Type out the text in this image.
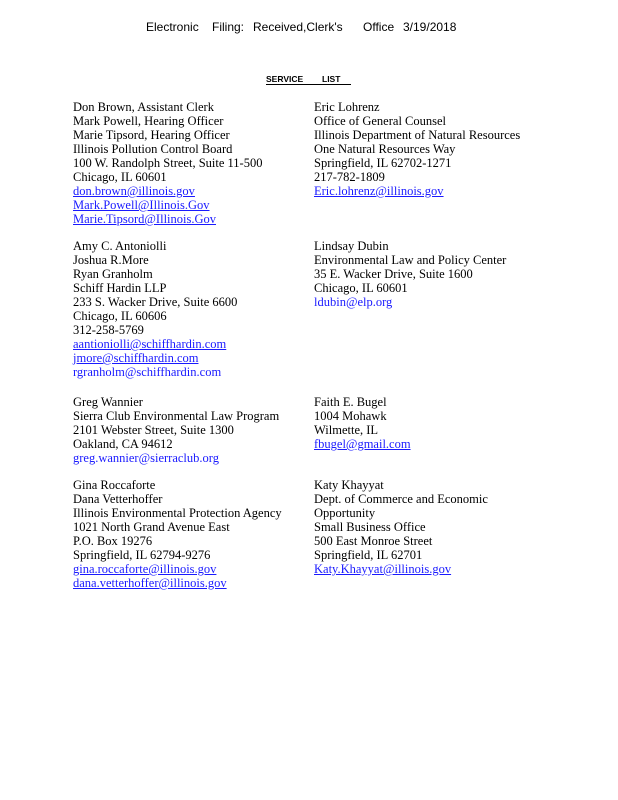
Electronic Filing: Received,Clerk's Office 3/19/2018
SERVICE LIST
Don Brown, Assistant Clerk
Mark Powell, Hearing Officer
Marie Tipsord, Hearing Officer
Illinois Pollution Control Board
100 W. Randolph Street, Suite 11-500
Chicago, IL 60601
don.brown@illinois.gov
Mark.Powell@Illinois.Gov
Marie.Tipsord@Illinois.Gov
Eric Lohrenz
Office of General Counsel
Illinois Department of Natural Resources
One Natural Resources Way
Springfield, IL 62702-1271
217-782-1809
Eric.lohrenz@illinois.gov
Amy C. Antoniolli
Joshua R.More
Ryan Granholm
Schiff Hardin LLP
233 S. Wacker Drive, Suite 6600
Chicago, IL 60606
312-258-5769
aantioniolli@schiffhardin.com
jmore@schiffhardin.com
rgranholm@schiffhardin.com
Lindsay Dubin
Environmental Law and Policy Center
35 E. Wacker Drive, Suite 1600
Chicago, IL 60601
ldubin@elp.org
Greg Wannier
Sierra Club Environmental Law Program
2101 Webster Street, Suite 1300
Oakland, CA 94612
greg.wannier@sierraclub.org
Faith E. Bugel
1004 Mohawk
Wilmette, IL
fbugel@gmail.com
Gina Roccaforte
Dana Vetterhoffer
Illinois Environmental Protection Agency
1021 North Grand Avenue East
P.O. Box 19276
Springfield, IL 62794-9276
gina.roccaforte@illinois.gov
dana.vetterhoffer@illinois.gov
Katy Khayyat
Dept. of Commerce and Economic
Opportunity
Small Business Office
500 East Monroe Street
Springfield, IL 62701
Katy.Khayyat@illinois.gov
